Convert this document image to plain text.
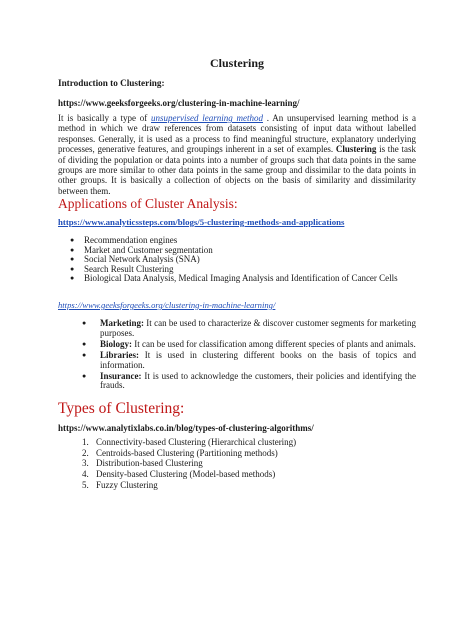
Clustering
Introduction to Clustering:
https://www.geeksforgeeks.org/clustering-in-machine-learning/

It is basically a type of unsupervised learning method . An unsupervised learning method is a method in which we draw references from datasets consisting of input data without labelled responses. Generally, it is used as a process to find meaningful structure, explanatory underlying processes, generative features, and groupings inherent in a set of examples. Clustering is the task of dividing the population or data points into a number of groups such that data points in the same groups are more similar to other data points in the same group and dissimilar to the data points in other groups. It is basically a collection of objects on the basis of similarity and dissimilarity between them.

Applications of Cluster Analysis:
https://www.analyticssteps.com/blogs/5-clustering-methods-and-applications
● Recommendation engines
● Market and Customer segmentation
● Social Network Analysis (SNA)
● Search Result Clustering
● Biological Data Analysis, Medical Imaging Analysis and Identification of Cancer Cells
https://www.geeksforgeeks.org/clustering-in-machine-learning/
● Marketing: It can be used to characterize & discover customer segments for marketing purposes.
● Biology: It can be used for classification among different species of plants and animals.
● Libraries: It is used in clustering different books on the basis of topics and information.
● Insurance: It is used to acknowledge the customers, their policies and identifying the frauds.
Types of Clustering:
https://www.analytixlabs.co.in/blog/types-of-clustering-algorithms/
1. Connectivity-based Clustering (Hierarchical clustering)
2. Centroids-based Clustering (Partitioning methods)
3. Distribution-based Clustering
4. Density-based Clustering (Model-based methods)
5. Fuzzy Clustering
